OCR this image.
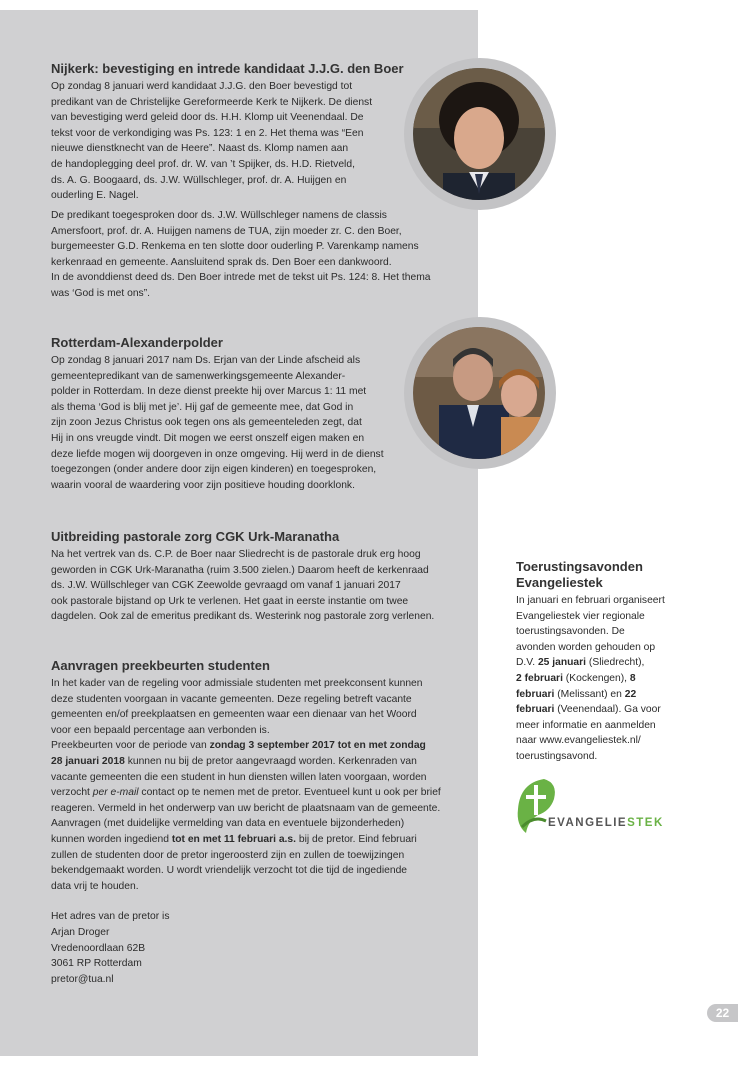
Nijkerk: bevestiging en intrede kandidaat J.J.G. den Boer

Op zondag 8 januari werd kandidaat J.J.G. den Boer bevestigd tot
predikant van de Christelijke Gereformeerde Kerk te Nijkerk. De dienst
van bevestiging werd geleid door ds. H.H. Klomp uit Veenendaal. De
tekst voor de verkondiging was Ps. 123: 1 en 2. Het thema was “Een
nieuwe dienstknecht van de Heere”. Naast ds. Klomp namen aan
de handoplegging deel prof. dr. W. van ’t Spijker, ds. H.D. Rietveld,
ds. A. G. Boogaard, ds. J.W. Wüllschleger, prof. dr. A. Huijgen en
ouderling E. Nagel.

De predikant toegesproken door ds. J.W. Wüllschleger namens de classis
Amersfoort, prof. dr. A. Huijgen namens de TUA, zijn moeder zr. C. den Boer,
burgemeester G.D. Renkema en ten slotte door ouderling P. Varenkamp namens
kerkenraad en gemeente. Aansluitend sprak ds. Den Boer een dankwoord.
In de avonddienst deed ds. Den Boer intrede met de tekst uit Ps. 124: 8. Het thema
was ‘God is met ons”.

Rotterdam-Alexanderpolder

Op zondag 8 januari 2017 nam Ds. Erjan van der Linde afscheid als
gemeentepredikant van de samenwerkingsgemeente Alexander-
polder in Rotterdam. In deze dienst preekte hij over Marcus 1: 11 met
als thema ‘God is blij met je’. Hij gaf de gemeente mee, dat God in
zijn zoon Jezus Christus ook tegen ons als gemeenteleden zegt, dat
Hij in ons vreugde vindt. Dit mogen we eerst onszelf eigen maken en
deze liefde mogen wij doorgeven in onze omgeving. Hij werd in de dienst
toegezongen (onder andere door zijn eigen kinderen) en toegesproken,
waarin vooral de waardering voor zijn positieve houding doorklonk.

Uitbreiding pastorale zorg CGK Urk-Maranatha

Na het vertrek van ds. C.P. de Boer naar Sliedrecht is de pastorale druk erg hoog
geworden in CGK Urk-Maranatha (ruim 3.500 zielen.) Daarom heeft de kerkenraad
ds. J.W. Wüllschleger van CGK Zeewolde gevraagd om vanaf 1 januari 2017
ook pastorale bijstand op Urk te verlenen. Het gaat in eerste instantie om twee
dagdelen. Ook zal de emeritus predikant ds. Westerink nog pastorale zorg verlenen.

Aanvragen preekbeurten studenten

In het kader van de regeling voor admissiale studenten met preekconsent kunnen
deze studenten voorgaan in vacante gemeenten. Deze regeling betreft vacante
gemeenten en/of preekplaatsen en gemeenten waar een dienaar van het Woord
voor een bepaald percentage aan verbonden is.
Preekbeurten voor de periode van zondag 3 september 2017 tot en met zondag
28 januari 2018 kunnen nu bij de pretor aangevraagd worden. Kerkenraden van
vacante gemeenten die een student in hun diensten willen laten voorgaan, worden
verzocht per e-mail contact op te nemen met de pretor. Eventueel kunt u ook per brief
reageren. Vermeld in het onderwerp van uw bericht de plaatsnaam van de gemeente.
Aanvragen (met duidelijke vermelding van data en eventuele bijzonderheden)
kunnen worden ingediend tot en met 11 februari a.s. bij de pretor. Eind februari
zullen de studenten door de pretor ingeroosterd zijn en zullen de toewijzingen
bekendgemaakt worden. U wordt vriendelijk verzocht tot die tijd de ingediende
data vrij te houden.

Het adres van de pretor is
Arjan Droger
Vredenoordlaan 62B
3061 RP Rotterdam
pretor@tua.nl

Toerustingsavonden
Evangeliestek

In januari en februari organiseert
Evangeliestek vier regionale
toerustingsavonden. De
avonden worden gehouden op
D.V. 25 januari (Sliedrecht),
2 februari (Kockengen), 8
februari (Melissant) en 22
februari (Veenendaal). Ga voor
meer informatie en aanmelden
naar www.evangeliestek.nl/
toerustingsavond.

EVANGELIESTEK
22
